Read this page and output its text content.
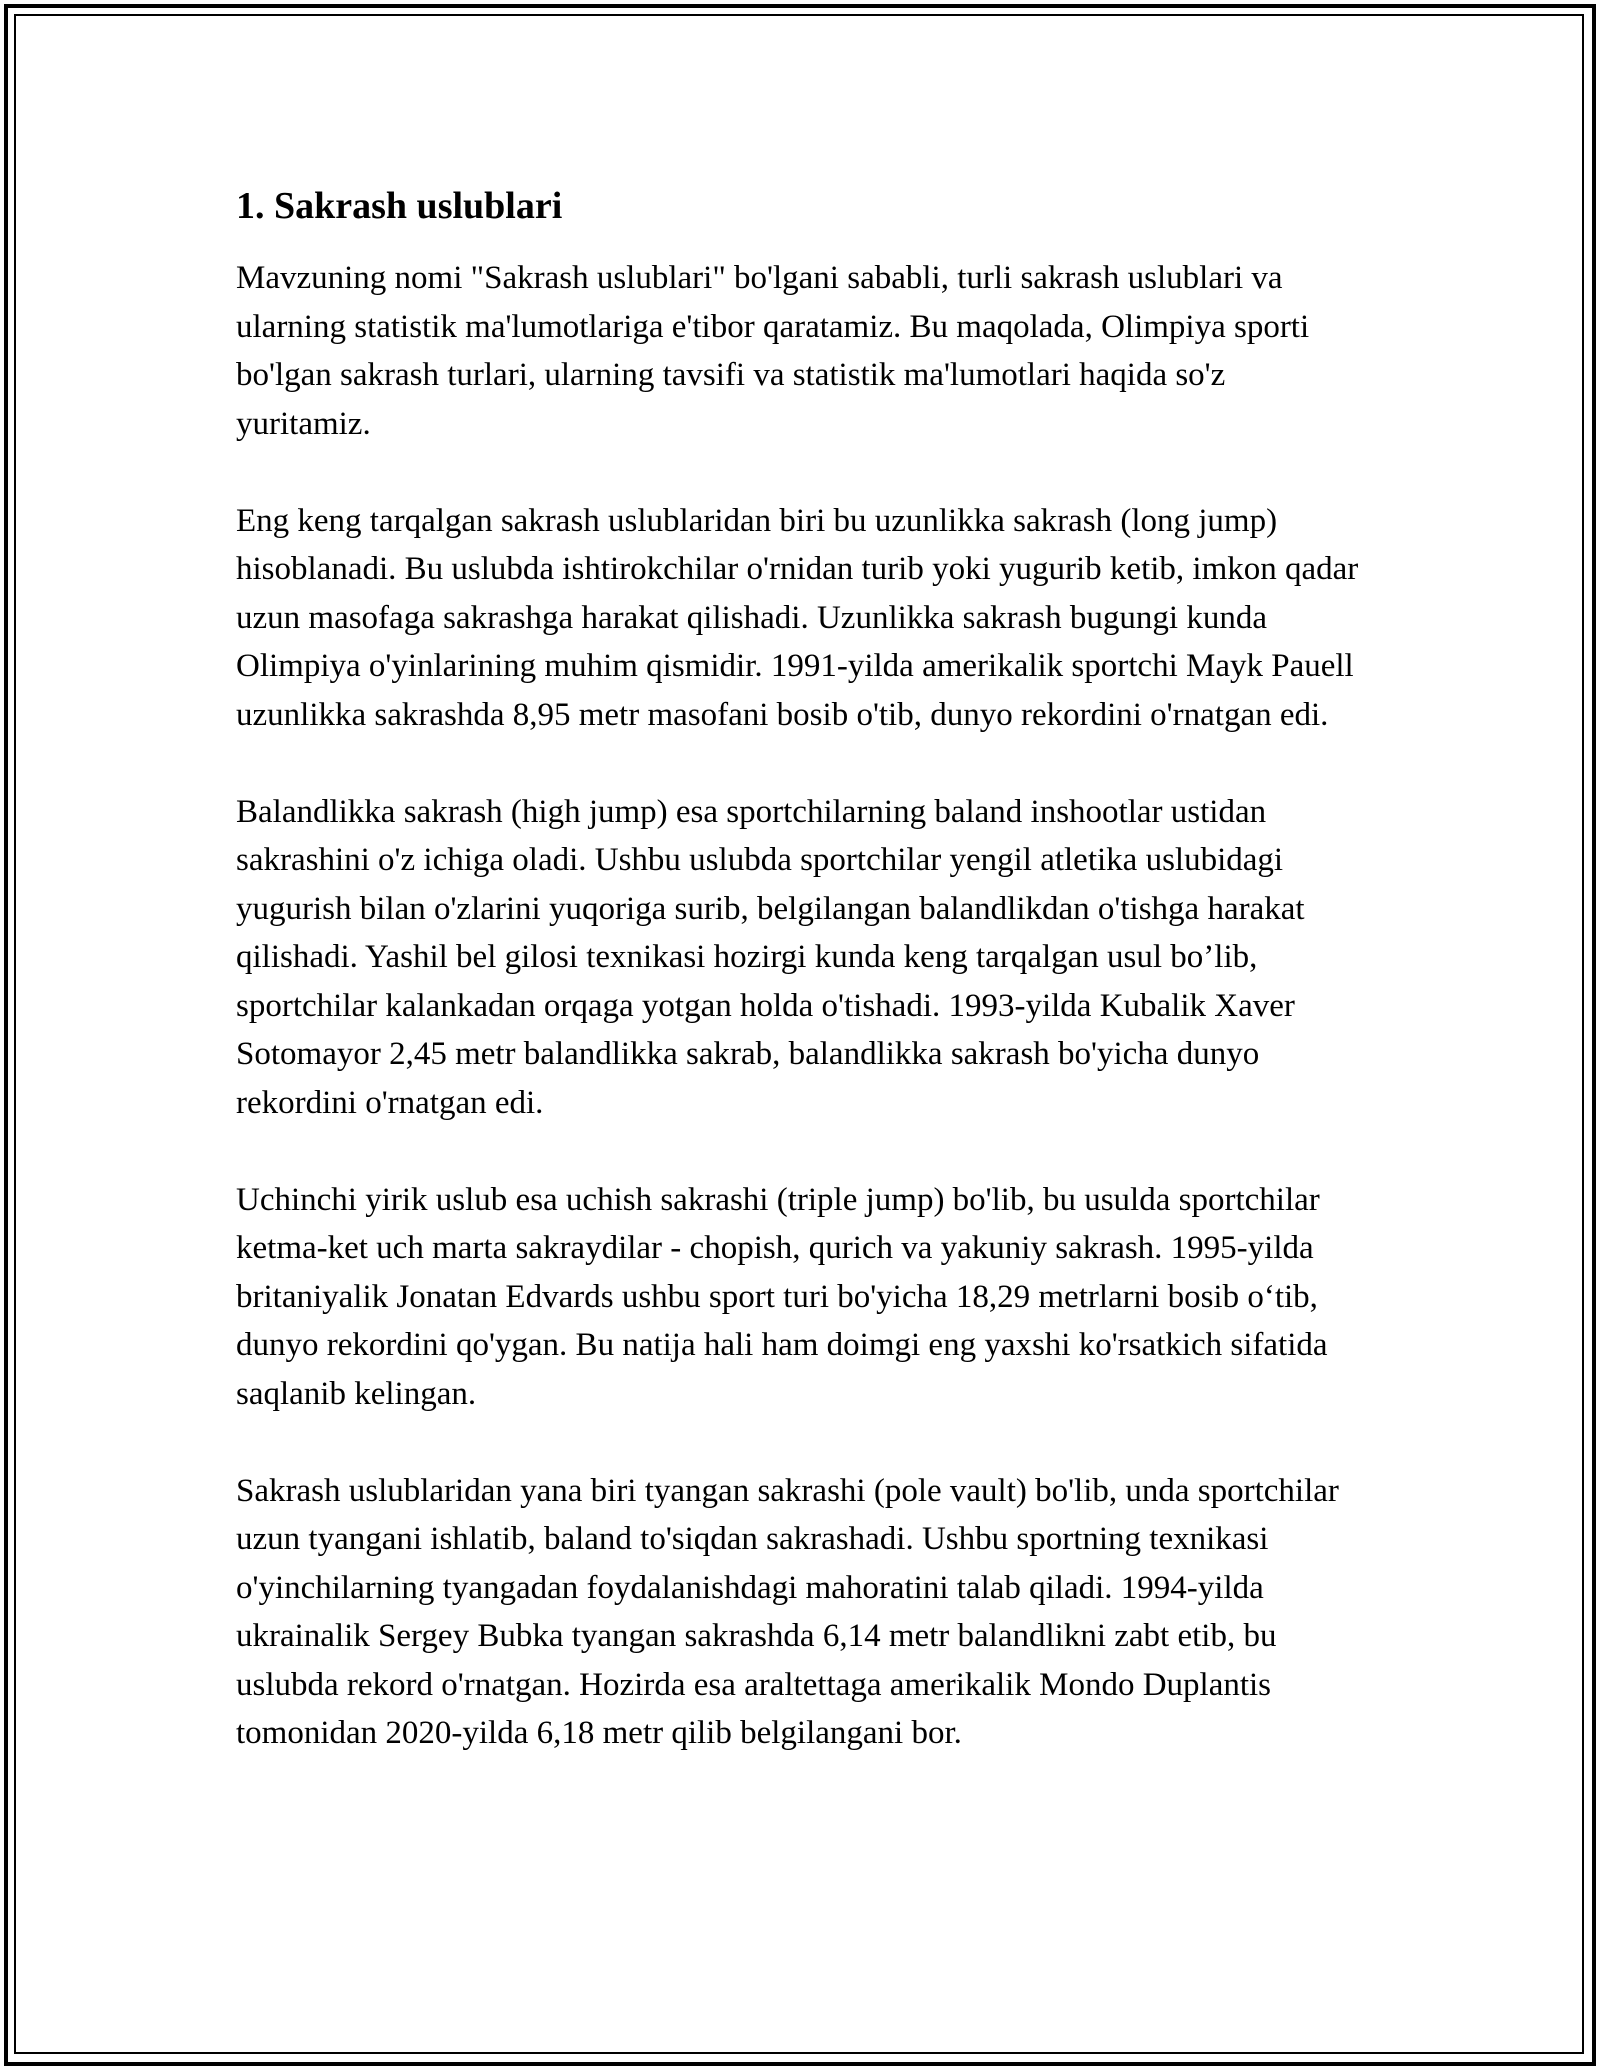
1. Sakrash uslublari

Mavzuning nomi "Sakrash uslublari" bo'lgani sababli, turli sakrash uslublari va ularning statistik ma'lumotlariga e'tibor qaratamiz. Bu maqolada, Olimpiya sporti bo'lgan sakrash turlari, ularning tavsifi va statistik ma'lumotlari haqida so'z yuritamiz.

Eng keng tarqalgan sakrash uslublaridan biri bu uzunlikka sakrash (long jump) hisoblanadi. Bu uslubda ishtirokchilar o'rnidan turib yoki yugurib ketib, imkon qadar uzun masofaga sakrashga harakat qilishadi. Uzunlikka sakrash bugungi kunda Olimpiya o'yinlarining muhim qismidir. 1991-yilda amerikalik sportchi Mayk Pauell uzunlikka sakrashda 8,95 metr masofani bosib o'tib, dunyo rekordini o'rnatgan edi.

Balandlikka sakrash (high jump) esa sportchilarning baland inshootlar ustidan sakrashini o'z ichiga oladi. Ushbu uslubda sportchilar yengil atletika uslubidagi yugurish bilan o'zlarini yuqoriga surib, belgilangan balandlikdan o'tishga harakat qilishadi. Yashil bel gilosi texnikasi hozirgi kunda keng tarqalgan usul bo’lib, sportchilar kalankadan orqaga yotgan holda o'tishadi. 1993-yilda Kubalik Xaver Sotomayor 2,45 metr balandlikka sakrab, balandlikka sakrash bo'yicha dunyo rekordini o'rnatgan edi.

Uchinchi yirik uslub esa uchish sakrashi (triple jump) bo'lib, bu usulda sportchilar ketma-ket uch marta sakraydilar - chopish, qurich va yakuniy sakrash. 1995-yilda britaniyalik Jonatan Edvards ushbu sport turi bo'yicha 18,29 metrlarni bosib o‘tib, dunyo rekordini qo'ygan. Bu natija hali ham doimgi eng yaxshi ko'rsatkich sifatida saqlanib kelingan.

Sakrash uslublaridan yana biri tyangan sakrashi (pole vault) bo'lib, unda sportchilar uzun tyangani ishlatib, baland to'siqdan sakrashadi. Ushbu sportning texnikasi o'yinchilarning tyangadan foydalanishdagi mahoratini talab qiladi. 1994-yilda ukrainalik Sergey Bubka tyangan sakrashda 6,14 metr balandlikni zabt etib, bu uslubda rekord o'rnatgan. Hozirda esa araltettaga amerikalik Mondo Duplantis tomonidan 2020-yilda 6,18 metr qilib belgilangani bor.
